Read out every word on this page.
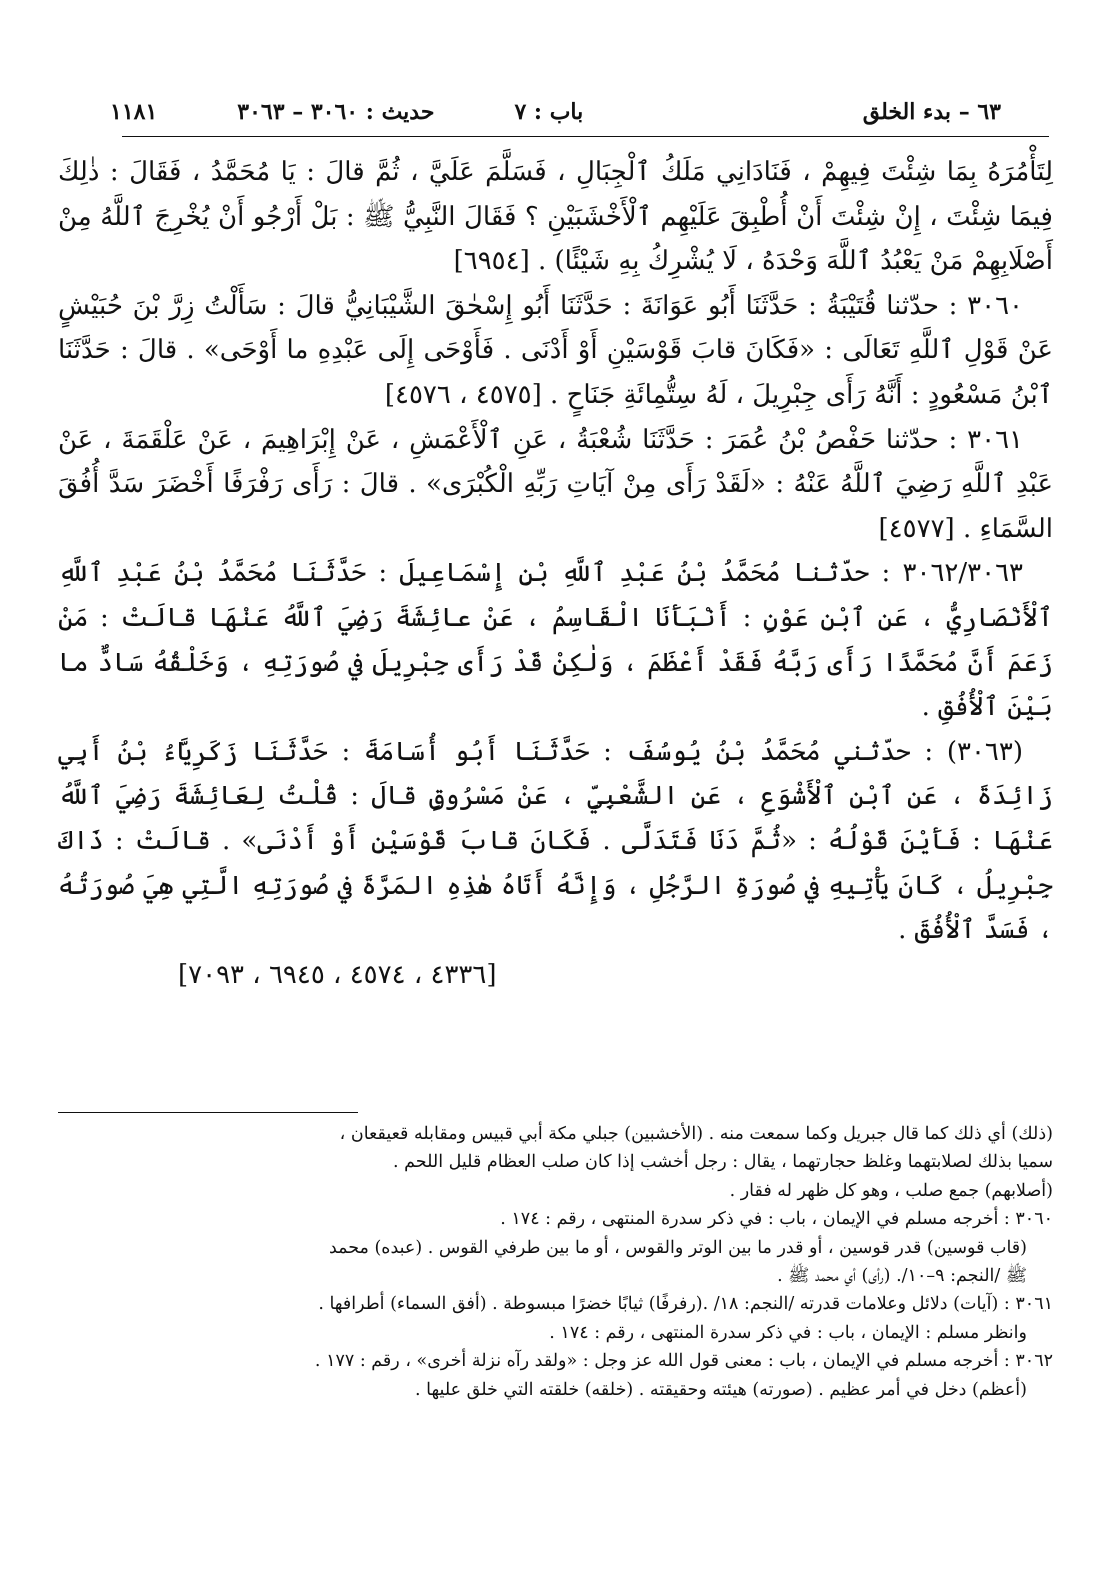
٦٣ – بدء الخلق
باب : ٧
حديث : ٣٠٦٠ – ٣٠٦٣
١١٨١

لِتَأْمُرَهُ بِمَا شِئْتَ فِيهِمْ ، فَنَادَانِي مَلَكُ ٱلْجِبَالِ ، فَسَلَّمَ عَلَيَّ ، ثُمَّ قالَ : يَا مُحَمَّدُ ، فَقَالَ : ذٰلِكَ فِيمَا شِئْتَ ، إِنْ شِئْتَ أَنْ أُطْبِقَ عَلَيْهِم ٱلْأَخْشَبَيْنِ ؟ فَقَالَ النَّبِيُّ ﷺ : بَلْ أَرْجُو أَنْ يُخْرِجَ ٱللَّهُ مِنْ أَصْلَابِهِمْ مَنْ يَعْبُدُ ٱللَّهَ وَحْدَهُ ، لَا يُشْرِكُ بِهِ شَيْئًا) . [٦٩٥٤]

٣٠٦٠ : حدّثنا قُتَيْبَةُ : حَدَّثَنَا أَبُو عَوَانَةَ : حَدَّثَنَا أَبُو إِسْحٰقَ الشَّيْبَانِيُّ قالَ : سَأَلْتُ زِرَّ بْنَ حُبَيْشٍ عَنْ قَوْلِ ٱللَّهِ تَعَالَى : «فَكَانَ قابَ قَوْسَيْنِ أَوْ أَدْنَى . فَأَوْحَى إِلَى عَبْدِهِ ما أَوْحَى» . قالَ : حَدَّثَنَا ٱبْنُ مَسْعُودٍ : أَنَّهُ رَأَى جِبْرِيلَ ، لَهُ سِتُّمِائَةِ جَنَاحٍ . [٤٥٧٥ ، ٤٥٧٦]

٣٠٦١ : حدّثنا حَفْصُ بْنُ عُمَرَ : حَدَّثَنَا شُعْبَةُ ، عَنِ ٱلْأَعْمَشِ ، عَنْ إِبْرَاهِيمَ ، عَنْ عَلْقَمَةَ ، عَنْ عَبْدِ ٱللَّهِ رَضِيَ ٱللَّهُ عَنْهُ : «لَقَدْ رَأَى مِنْ آيَاتِ رَبِّهِ الْكُبْرَى» . قالَ : رَأَى رَفْرَفًا أَخْضَرَ سَدَّ أُفُقَ السَّمَاءِ . [٤٥٧٧]

٣٠٦٢/٣٠٦٣ : حدّثنا مُحَمَّدُ بْنُ عَبْدِ ٱللَّهِ بْنِ إِسْمَاعِيلَ : حَدَّثَنَا مُحَمَّدُ بْنُ عَبْدِ ٱللَّهِ ٱلْأَنْصَارِيُّ ، عَنِ ٱبْنِ عَوْنٍ : أَنْبَأَنَا الْقَاسِمُ ، عَنْ عائِشَةَ رَضِيَ ٱللَّهُ عَنْهَا قالَتْ : مَنْ زَعَمَ أَنَّ مُحَمَّدًا رَأَى رَبَّهُ فَقَدْ أَعْظَمَ ، وَلٰكِنْ قَدْ رَأَى جِبْرِيلَ في صُورَتِهِ ، وَخَلْقُهُ سَادٌّ ما بَيْنَ ٱلْأُفُقِ .

(٣٠٦٣) : حدّثني مُحَمَّدُ بْنُ يُوسُفَ : حَدَّثَنَا أَبُو أُسَامَةَ : حَدَّثَنَا زَكَرِيَّاءُ بْنُ أَبِي زَائِدَةَ ، عَنِ ٱبْنِ ٱلْأَشْوَعِ ، عَنِ الشَّعْبِيِّ ، عَنْ مَسْرُوقٍ قالَ : قُلْتُ لِعَائِشَةَ رَضِيَ ٱللَّهُ عَنْهَا : فَأَيْنَ قَوْلُهُ : «ثُمَّ دَنَا فَتَدَلَّى . فَكَانَ قابَ قَوْسَيْنِ أَوْ أَدْنَى» . قالَتْ : ذَاكَ جِبْرِيلُ ، كَانَ يَأْتِيهِ في صُورَةِ الرَّجُلِ ، وَإِنَّهُ أَتَاهُ هٰذِهِ المَرَّةَ في صُورَتِهِ الَّتِي هِيَ صُورَتُهُ ، فَسَدَّ ٱلْأُفُقَ .

[٤٣٣٦ ، ٤٥٧٤ ، ٦٩٤٥ ، ٧٠٩٣]

(ذلك) أي ذلك كما قال جبريل وكما سمعت منه . (الأخشبين) جبلي مكة أبي قبيس ومقابله قعيقعان ،

سميا بذلك لصلابتهما وغلظ حجارتهما ، يقال : رجل أخشب إذا كان صلب العظام قليل اللحم .

(أصلابهم) جمع صلب ، وهو كل ظهر له فقار .

٣٠٦٠ : أخرجه مسلم في الإيمان ، باب : في ذكر سدرة المنتهى ، رقم : ١٧٤ .

(قاب قوسين) قدر قوسين ، أو قدر ما بين الوتر والقوس ، أو ما بين طرفي القوس . (عبده) محمد

ﷺ /النجم: ٩–١٠/. (رأى) أي محمد ﷺ .

٣٠٦١ : (آيات) دلائل وعلامات قدرته /النجم: ١٨/ .(رفرفًا) ثيابًا خضرًا مبسوطة . (أفق السماء) أطرافها .

وانظر مسلم : الإيمان ، باب : في ذكر سدرة المنتهى ، رقم : ١٧٤ .

٣٠٦٢ : أخرجه مسلم في الإيمان ، باب : معنى قول الله عز وجل : «ولقد رآه نزلة أخرى» ، رقم : ١٧٧ .

(أعظم) دخل في أمر عظيم . (صورته) هيئته وحقيقته . (خلقه) خلقته التي خلق عليها .
